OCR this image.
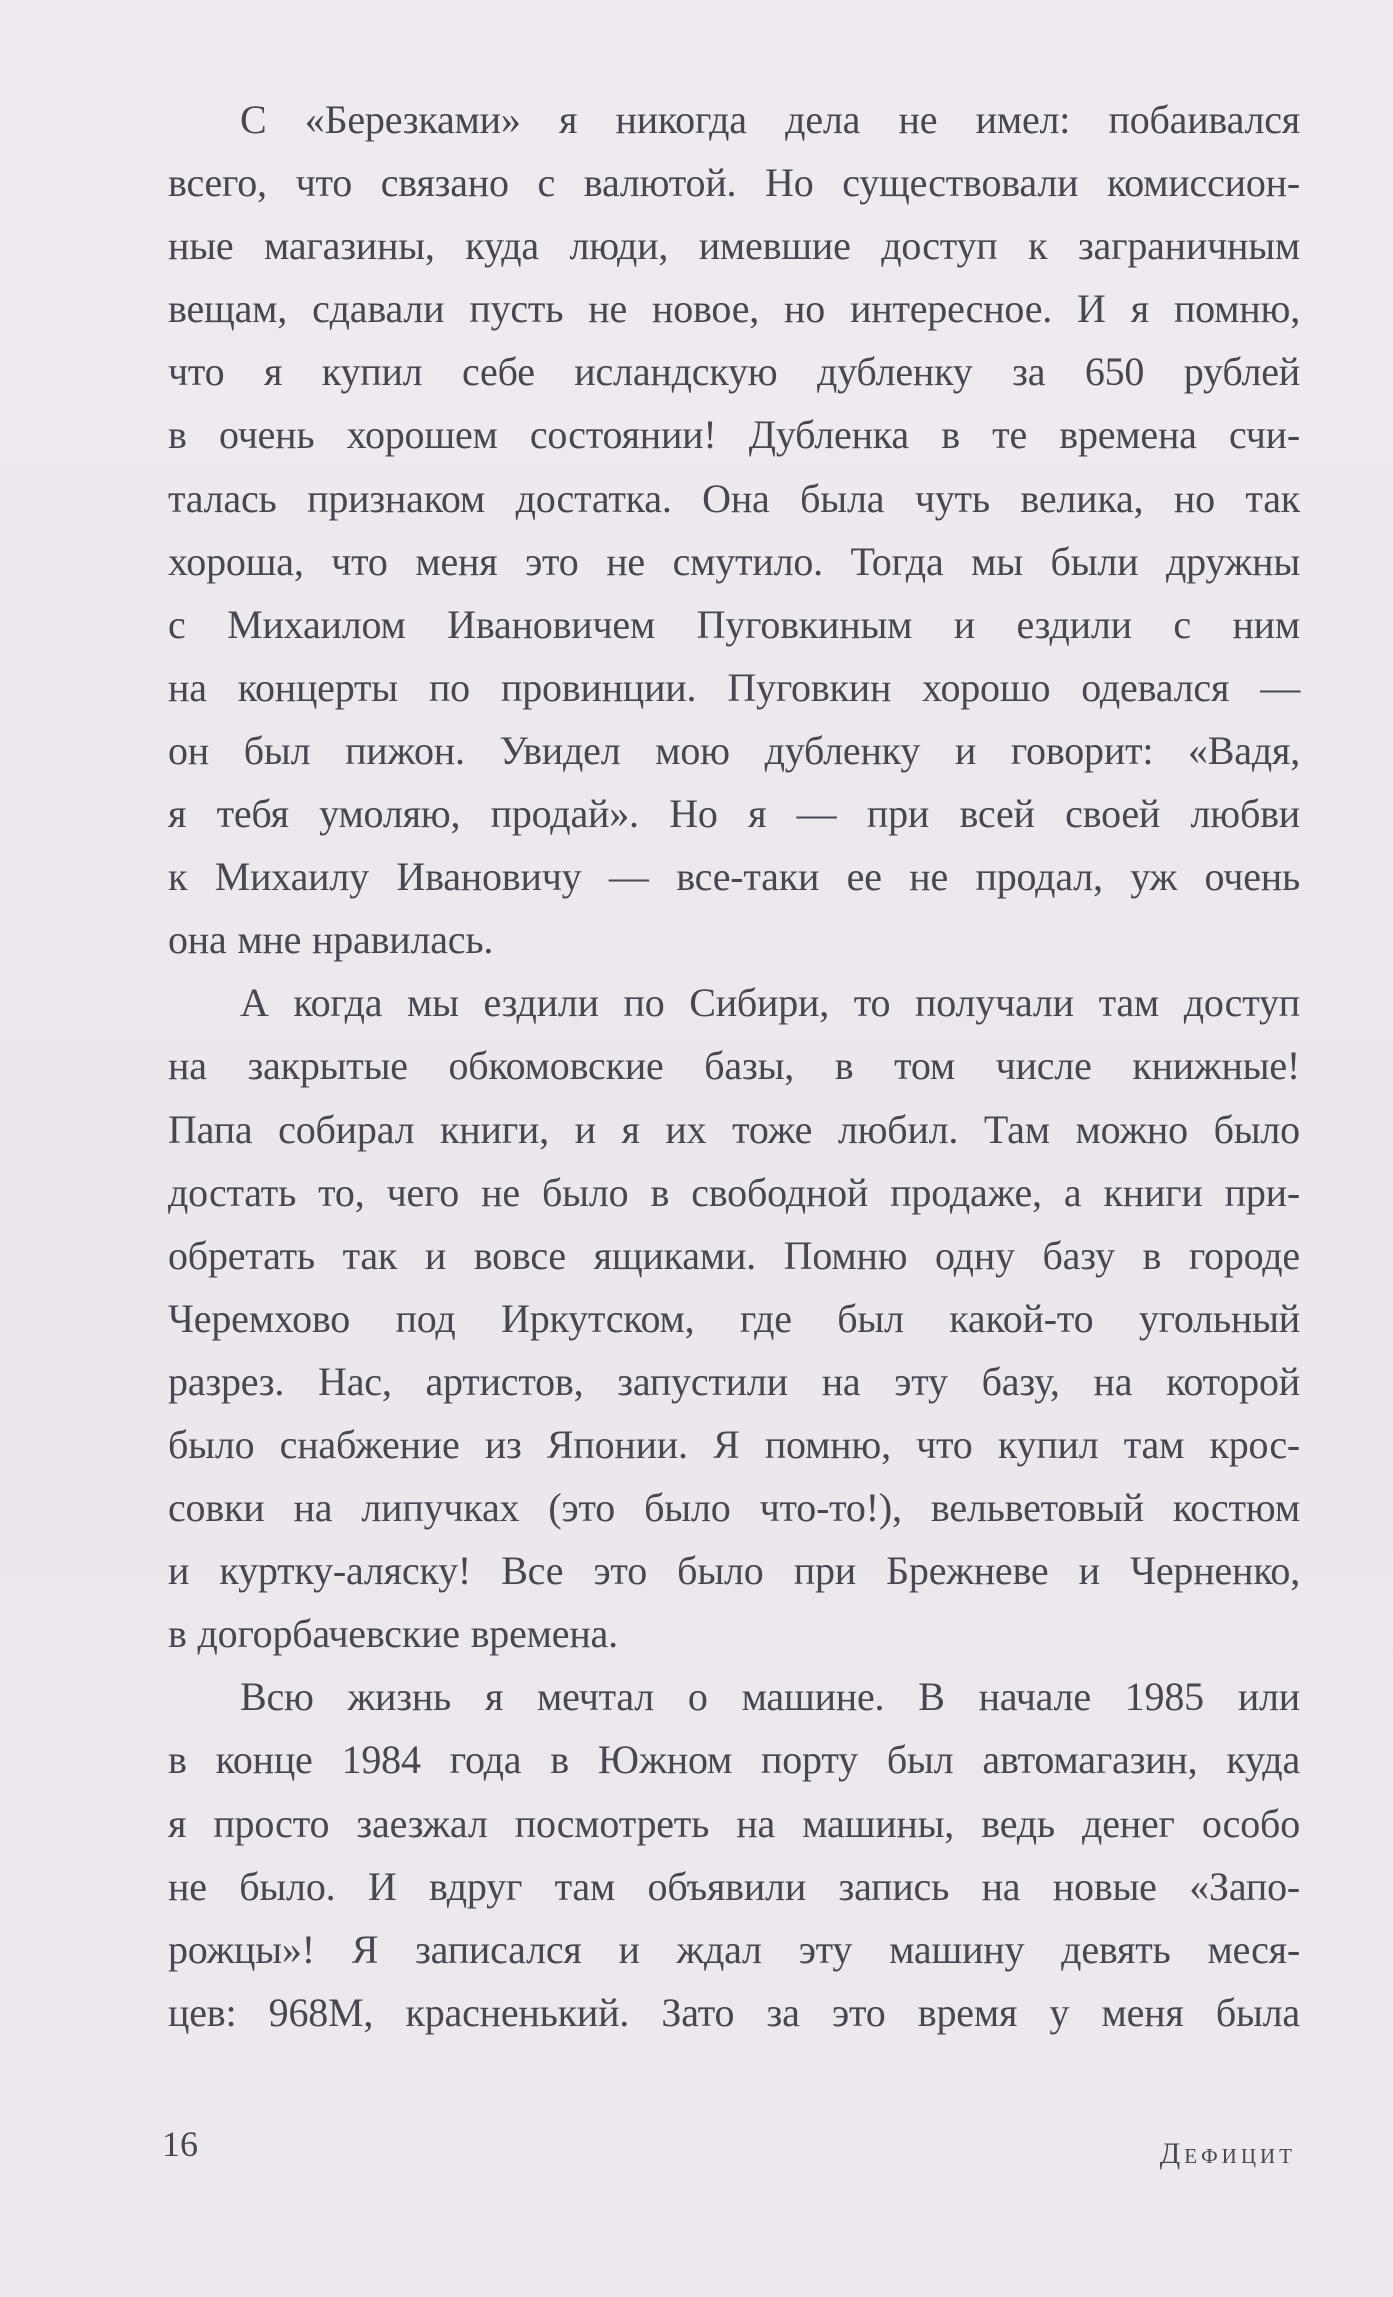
С «Березками» я никогда дела не имел: побаивался
всего, что связано с валютой. Но существовали комиссион-
ные магазины, куда люди, имевшие доступ к заграничным
вещам, сдавали пусть не новое, но интересное. И я помню,
что я купил себе исландскую дубленку за 650 рублей
в очень хорошем состоянии! Дубленка в те времена счи-
талась признаком достатка. Она была чуть велика, но так
хороша, что меня это не смутило. Тогда мы были дружны
с Михаилом Ивановичем Пуговкиным и ездили с ним
на концерты по провинции. Пуговкин хорошо одевался —
он был пижон. Увидел мою дубленку и говорит: «Вадя,
я тебя умоляю, продай». Но я — при всей своей любви
к Михаилу Ивановичу — все-таки ее не продал, уж очень
она мне нравилась.
А когда мы ездили по Сибири, то получали там доступ
на закрытые обкомовские базы, в том числе книжные!
Папа собирал книги, и я их тоже любил. Там можно было
достать то, чего не было в свободной продаже, а книги при-
обретать так и вовсе ящиками. Помню одну базу в городе
Черемхово под Иркутском, где был какой-то угольный
разрез. Нас, артистов, запустили на эту базу, на которой
было снабжение из Японии. Я помню, что купил там крос-
совки на липучках (это было что-то!), вельветовый костюм
и куртку-аляску! Все это было при Брежневе и Черненко,
в догорбачевские времена.
Всю жизнь я мечтал о машине. В начале 1985 или
в конце 1984 года в Южном порту был автомагазин, куда
я просто заезжал посмотреть на машины, ведь денег особо
не было. И вдруг там объявили запись на новые «Запо-
рожцы»! Я записался и ждал эту машину девять меся-
цев: 968М, красненький. Зато за это время у меня была
16	Дефицит
